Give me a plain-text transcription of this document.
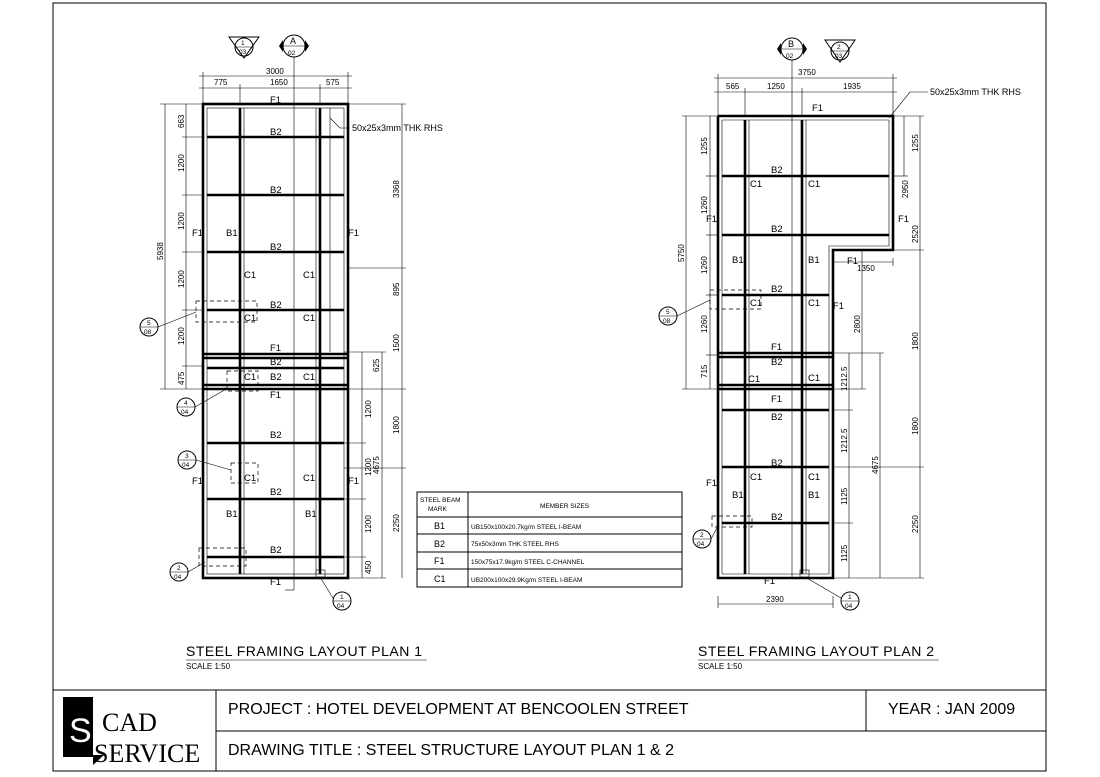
S CAD
SERVICE
F1
B2
B2
B2
B2
F1
B2
B2
F1
B2
B2
B2
F1
F1 B1	F1
C1	C1
C1	C1
C1	C1
C1	C1
F1	F1
B1	B1
50x25x3mm THK RHS
3000
775	1650	575
5938
663
1200
1200
1200
1200
475
3368
895
1500
625
1200
1800
4675
1200
2250
1200
450
A
02
1
03
5
08
4
04
3
04
2
04
1
04
STEEL FRAMING LAYOUT PLAN 1
SCALE 1:50
F1
B2
C1	C1
F1	F1
B2
B1	B1	F1
B2
C1	C1 F1
F1
B2
C1	C1
F1
B2
B2
C1	C1
F1
B1	B1
B2
F1
50x25x3mm THK RHS
3750
565	1250	1935
5750
1255
1260
1260
1260
715
1255
2950
2520
1350
2800
1800
1212.5
1212.5
1800
4675
1125
2250
1125
2390
B
02
2
03
5
08
2
04
1
04
STEEL FRAMING LAYOUT PLAN 2
SCALE 1:50
STEEL BEAM
MARK	MEMBER SIZES
B1	UB150x100x20.7kg/m STEEL I-BEAM
B2	75x50x3mm THK STEEL RHS
F1	150x75x17.9kg/m STEEL C-CHANNEL
C1	UB200x100x29.9Kg/m STEEL I-BEAM
PROJECT : HOTEL DEVELOPMENT AT BENCOOLEN STREET
DRAWING TITLE : STEEL STRUCTURE LAYOUT PLAN 1 & 2
YEAR : JAN 2009
